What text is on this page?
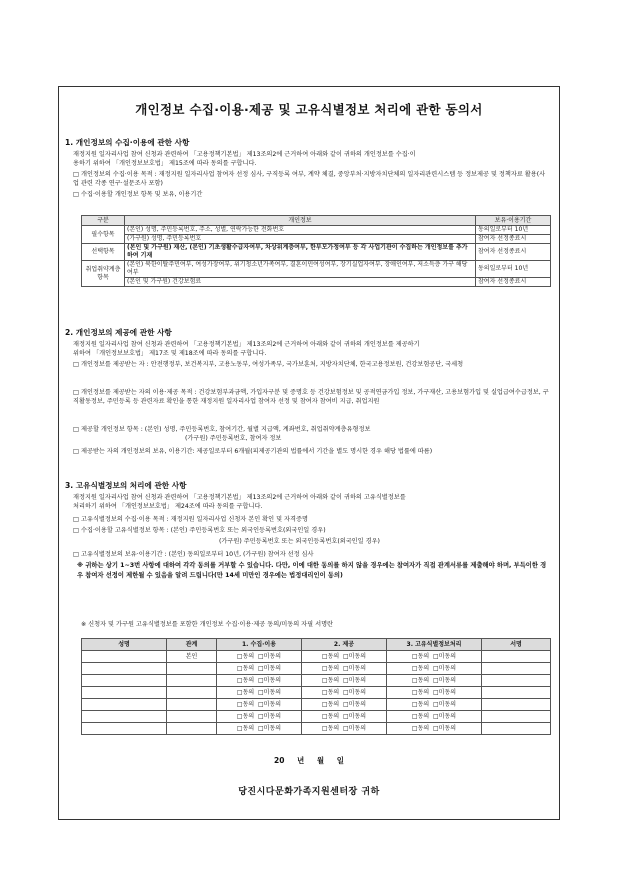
개인정보 수집·이용·제공 및 고유식별정보 처리에 관한 동의서
1. 개인정보의 수집·이용에 관한 사항
재정지원 일자리사업 참여 신청과 관련하여 「고용정책기본법」 제13조의2에 근거하여 아래와 같이 귀하의 개인정보를 수집·이
용하기 위하여 「개인정보보호법」 제15조에 따라 동의를 구합니다.
□ 개인정보의 수집·이용 목적 : 재정지원 일자리사업 참여자 선정 심사, 구직등록 여부, 계약 체결, 중앙부처·지방자치단체의 일자리관련시스템 등 정보제공 및 정책자료 활용(사업 관련 각종 연구·설문조사 포함)
□ 수집·이용할 개인정보 항목 및 보유, 이용기간
구분	개인정보	보유·이용기간
필수항목	(본인) 성명, 주민등록번호, 주소, 성별, 연락가능한 전화번호	동의일로부터 10년
	(가구원) 성명, 주민등록번호	참여자 선정종료시
선택항목	(본인 및 가구원) 재산, (본인) 기초생활수급자여부, 차상위계층여부, 한부모가정여부 등 각 사업기관이 수집하는 개인정보를 추가하여 기재	참여자 선정종료시
취업취약계층항목	(본인) 북한이탈주민여부, 여성가장여부, 위기청소년가족여부, 결혼이민여성여부, 장기실업자여부, 장애인여부, 저소득층 가구 해당여부	동의일로부터 10년
	(본인 및 가구원) 건강보험료	참여자 선정종료시
2. 개인정보의 제공에 관한 사항
재정지원 일자리사업 참여 신청과 관련하여 「고용정책기본법」 제13조의2에 근거하여 아래와 같이 귀하의 개인정보를 제공하기
위하여 「개인정보보호법」 제17조 및 제18조에 따라 동의를 구합니다.
□ 개인정보를 제공받는 자 : 안전행정부, 보건복지부, 고용노동부, 여성가족부, 국가보훈처, 지방자치단체, 한국고용정보원, 건강보험공단, 국세청
□ 개인정보를 제공받는 자의 이용·제공 목적 : 건강보험부과금액, 가입자구분 및 증명호 등 건강보험정보 및 공적연금가입 정보, 가구재산, 고용보험가입 및 실업급여수급정보, 구직활동정보, 주민등록 등 관련자료 확인을 통한 재정지원 일자리사업 참여자 선정 및 참여자 참여비 지급, 취업지원
□ 제공할 개인정보 항목 : (본인) 성명, 주민등록번호, 참여기간, 월별 지급액, 계좌번호, 취업취약계층유형정보
(가구원) 주민등록번호, 참여자 정보
□ 제공받는 자의 개인정보의 보유, 이용기간: 제공일로부터 6개월(피제공기관의 법률에서 기간을 별도 명시한 경우 해당 법률에 따름)
3. 고유식별정보의 처리에 관한 사항
재정지원 일자리사업 참여 신청과 관련하여 「고용정책기본법」 제13조의2에 근거하여 아래와 같이 귀하의 고유식별정보를
처리하기 위하여 「개인정보보호법」 제24조에 따라 동의를 구합니다.
□ 고유식별정보의 수집·이용 목적 : 재정지원 일자리사업 신청자 본인 확인 및 자격증명
□ 수집·이용할 고유식별정보 항목 : (본인) 주민등록번호 또는 외국인등록번호(외국인일 경우)
(가구원) 주민등록번호 또는 외국인등록번호(외국인일 경우)
□ 고유식별정보의 보유·이용기간 : (본인) 동의일로부터 10년, (가구원) 참여자 선정 심사
※ 귀하는 상기 1~3번 사항에 대하여 각각 동의를 거부할 수 있습니다. 다만, 이에 대한 동의를 하지 않을 경우에는 참여자가 직접 관계서류를 제출해야 하며, 부득이한 경우 참여자 선정이 제한될 수 있음을 알려 드립니다(만 14세 미만인 경우에는 법정대리인이 동의)
※ 신청자 및 가구원 고유식별정보를 포함한 개인정보 수집·이용·제공 동의/미동의 자필 서명란
성명	관계	1. 수집·이용	2. 제공	3. 고유식별정보처리	서명
	본인	□동의 □미동의	□동의 □미동의	□동의 □미동의	
		□동의 □미동의	□동의 □미동의	□동의 □미동의	
		□동의 □미동의	□동의 □미동의	□동의 □미동의	
		□동의 □미동의	□동의 □미동의	□동의 □미동의	
		□동의 □미동의	□동의 □미동의	□동의 □미동의	
		□동의 □미동의	□동의 □미동의	□동의 □미동의	
		□동의 □미동의	□동의 □미동의	□동의 □미동의	
20 년 월 일
당진시다문화가족지원센터장 귀하
